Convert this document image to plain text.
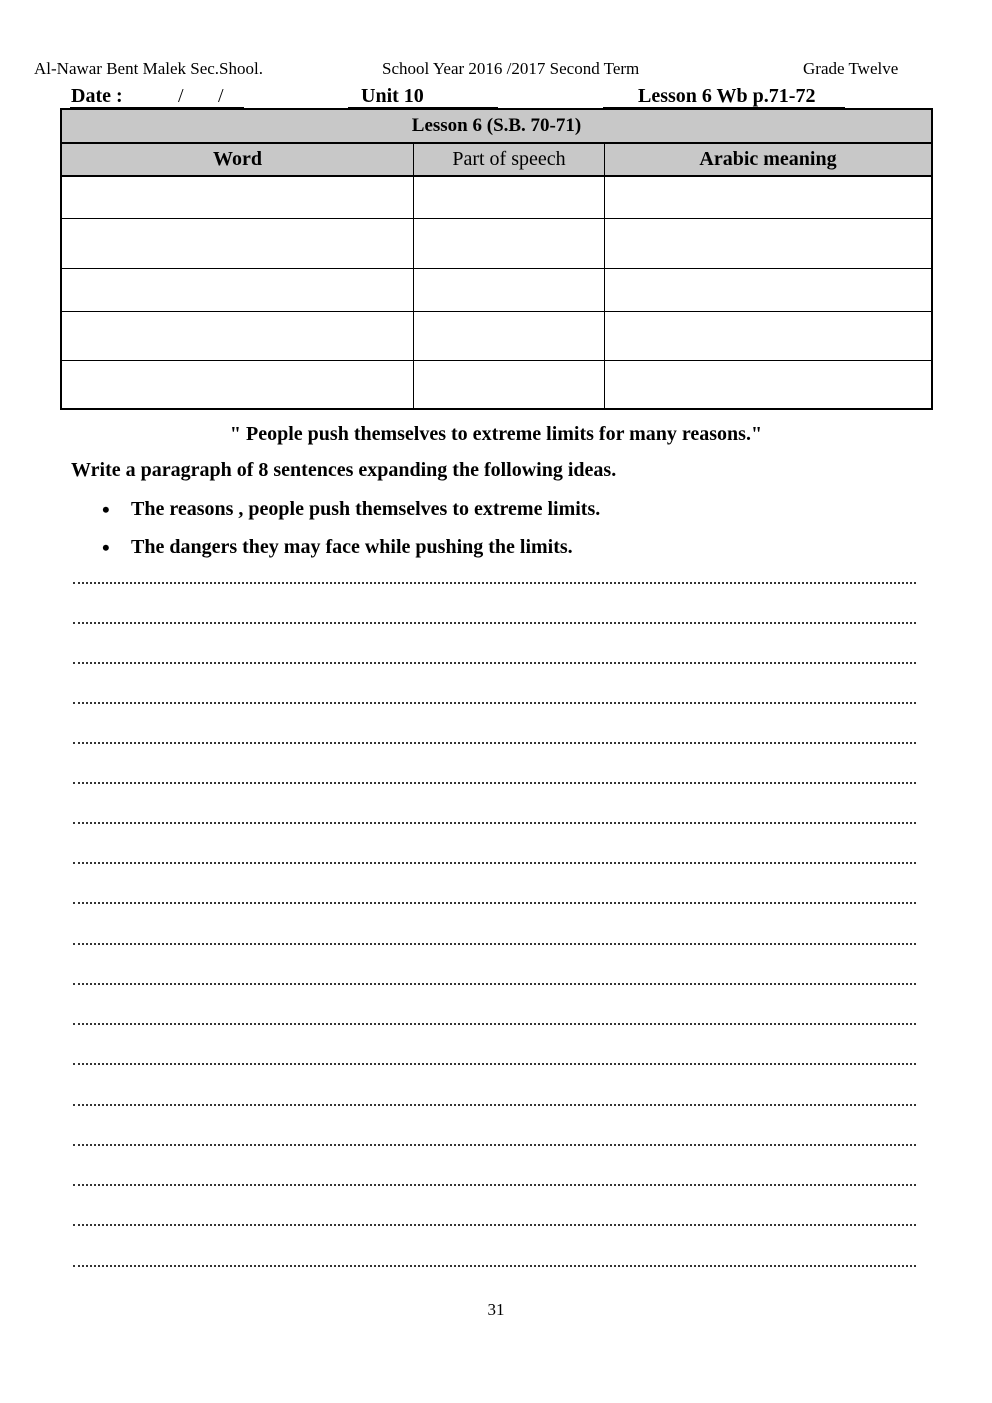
Al-Nawar Bent Malek Sec.Shool.	School Year 2016 /2017 Second Term	Grade Twelve
Date :	/ /	Unit 10	Lesson 6 Wb p.71-72
Lesson 6 (S.B. 70-71)
Word	Part of speech	Arabic meaning
" People push themselves to extreme limits for many reasons."
Write a paragraph of 8 sentences expanding the following ideas.
• The reasons , people push themselves to extreme limits.
• The dangers they may face while pushing the limits.
31
